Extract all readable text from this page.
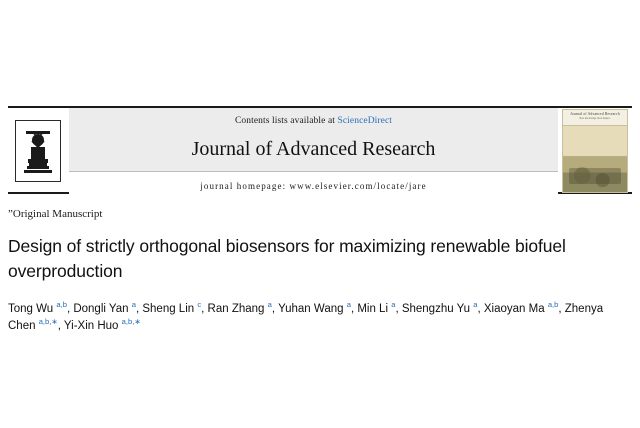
Contents lists available at ScienceDirect
Journal of Advanced Research
journal homepage: www.elsevier.com/locate/jare
Journal of Advanced Research
New knowledge. Real impact.
”Original Manuscript
Design of strictly orthogonal biosensors for maximizing renewable biofuel overproduction
Tong Wu $^{a,b}$, Dongli Yan $^a$, Sheng Lin $^c$, Ran Zhang $^a$, Yuhan Wang $^a$, Min Li $^a$, Shengzhu Yu $^a$, Xiaoyan Ma $^{a,b}$, Zhenya Chen $^{a,b,∗}$, Yi-Xin Huo $^{a,b,∗}$
